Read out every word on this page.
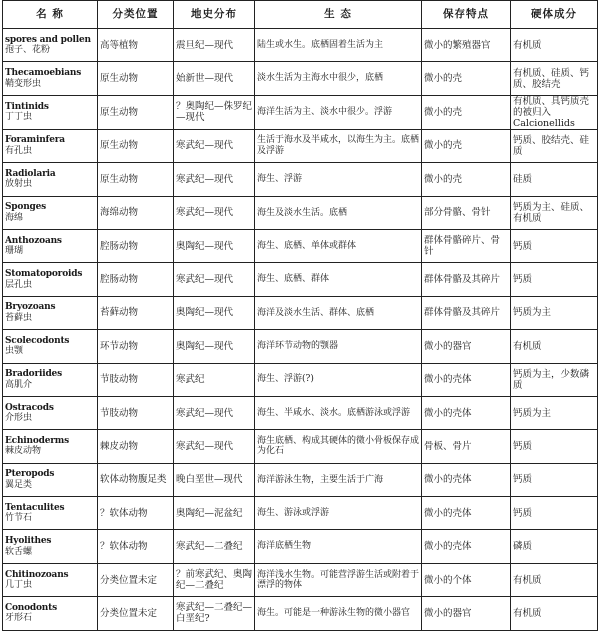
名 称	分类位置	地史分布	生 态	保存特点	硬体成分

spores and pollen
孢子、花粉	高等植物	震旦纪—现代	陆生或水生。底栖固着生活为主	微小的繁殖器官	有机质

Thecamoebians
鞘变形虫	原生动物	始新世—现代	淡水生活为主海水中很少，底栖	微小的壳	有机质、硅质、钙质、胶结壳

Tintinids
丁丁虫	原生动物	？奥陶纪—侏罗纪—现代	海洋生活为主、淡水中很少。浮游	微小的壳	有机质、具钙质壳的被归入Calcionellids

Foraminfera
有孔虫	原生动物	寒武纪—现代	生活于海水及半咸水，以海生为主。底栖及浮游	微小的壳	钙质、胶结壳、硅质

Radiolaria
放射虫	原生动物	寒武纪—现代	海生、浮游	微小的壳	硅质

Sponges
海绵	海绵动物	寒武纪—现代	海生及淡水生活。底栖	部分骨骼、骨针	钙质为主、硅质、有机质

Anthozoans
珊瑚	腔肠动物	奥陶纪—现代	海生、底栖、单体或群体	群体骨骼碎片、骨针	钙质

Stomatoporoids
层孔虫	腔肠动物	寒武纪—现代	海生、底栖、群体	群体骨骼及其碎片	钙质

Bryozoans
苔藓虫	苔藓动物	奥陶纪—现代	海洋及淡水生活、群体、底栖	群体骨骼及其碎片	钙质为主

Scolecodonts
虫颚	环节动物	奥陶纪—现代	海洋环节动物的颚器	微小的器官	有机质

Bradoriides
高肌介	节肢动物	寒武纪	海生、浮游(?)	微小的壳体	钙质为主，少数磷质

Ostracods
介形虫	节肢动物	寒武纪—现代	海生、半咸水、淡水。底栖游泳或浮游	微小的壳体	钙质为主

Echinoderms
棘皮动物	棘皮动物	寒武纪—现代	海生底栖、构成其硬体的微小骨板保存成为化石	骨板、骨片	钙质

Pteropods
翼足类	软体动物腹足类	晚白垩世—现代	海洋游泳生物，主要生活于广海	微小的壳体	钙质

Tentaculites
竹节石	？软体动物	奥陶纪—泥盆纪	海生、游泳或浮游	微小的壳体	钙质

Hyolithes
软舌螺	？软体动物	寒武纪—二叠纪	海洋底栖生物	微小的壳体	磷质

Chitinozoans
几丁虫	分类位置未定	？前寒武纪、奥陶纪—二叠纪	海洋浅水生物。可能营浮游生活或附着于漂浮的物体	微小的个体	有机质

Conodonts
牙形石	分类位置未定	寒武纪—二叠纪—白垩纪?	海生。可能是一种游泳生物的微小器官	微小的器官	有机质
